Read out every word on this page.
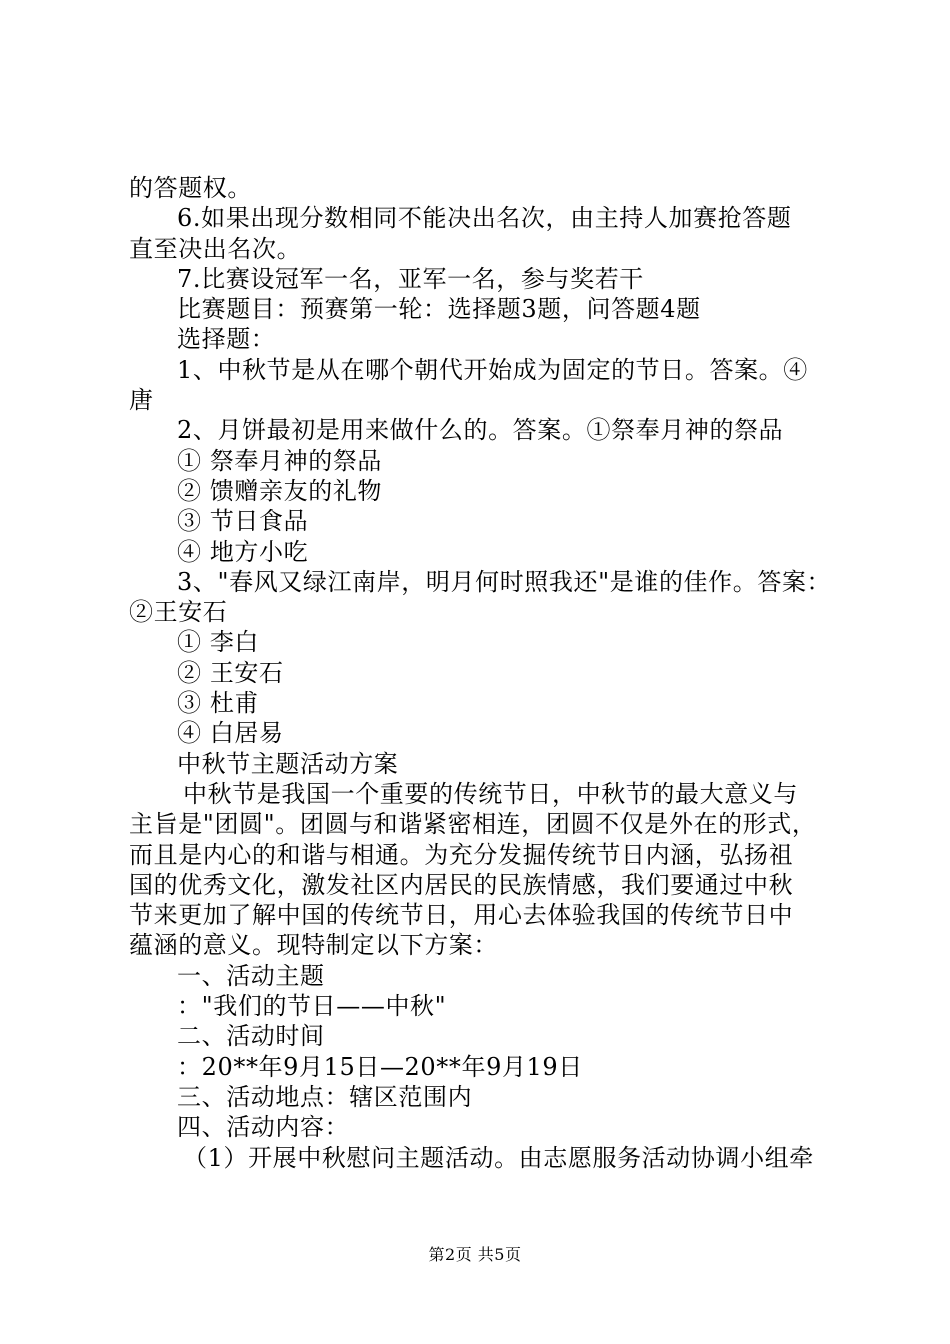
的答题权。
6.如果出现分数相同不能决出名次，由主持人加赛抢答题
直至决出名次。
7.比赛设冠军一名，亚军一名，参与奖若干
比赛题目：预赛第一轮：选择题3题，问答题4题
选择题：
1、中秋节是从在哪个朝代开始成为固定的节日。答案。④
唐
2、月饼最初是用来做什么的。答案。①祭奉月神的祭品
① 祭奉月神的祭品
② 馈赠亲友的礼物
③ 节日食品
④ 地方小吃
3、"春风又绿江南岸，明月何时照我还"是谁的佳作。答案：
②王安石
① 李白
② 王安石
③ 杜甫
④ 白居易
中秋节主题活动方案
中秋节是我国一个重要的传统节日，中秋节的最大意义与
主旨是"团圆"。团圆与和谐紧密相连，团圆不仅是外在的形式，
而且是内心的和谐与相通。为充分发掘传统节日内涵，弘扬祖
国的优秀文化，激发社区内居民的民族情感，我们要通过中秋
节来更加了解中国的传统节日，用心去体验我国的传统节日中
蕴涵的意义。现特制定以下方案：
一、活动主题
："我们的节日——中秋"
二、活动时间
：20**年9月15日—20**年9月19日
三、活动地点：辖区范围内
四、活动内容：
（1）开展中秋慰问主题活动。由志愿服务活动协调小组牵
第2页 共5页
